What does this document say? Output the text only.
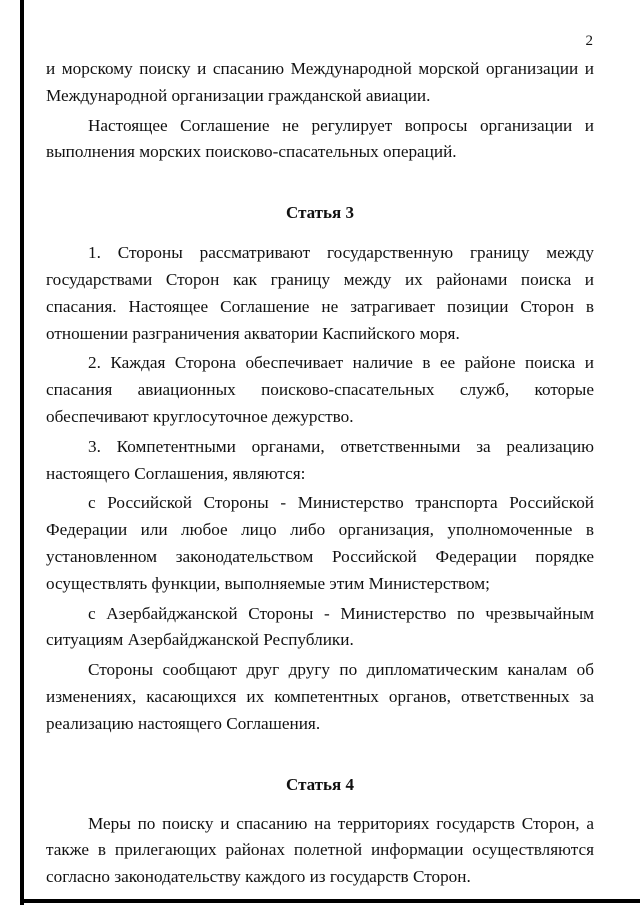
2

и морскому поиску и спасанию Международной морской организации и Международной организации гражданской авиации.

Настоящее Соглашение не регулирует вопросы организации и выполнения морских поисково-спасательных операций.

Статья 3

1. Стороны рассматривают государственную границу между государствами Сторон как границу между их районами поиска и спасания. Настоящее Соглашение не затрагивает позиции Сторон в отношении разграничения акватории Каспийского моря.

2. Каждая Сторона обеспечивает наличие в ее районе поиска и спасания авиационных поисково-спасательных служб, которые обеспечивают круглосуточное дежурство.

3. Компетентными органами, ответственными за реализацию настоящего Соглашения, являются:

с Российской Стороны - Министерство транспорта Российской Федерации или любое лицо либо организация, уполномоченные в установленном законодательством Российской Федерации порядке осуществлять функции, выполняемые этим Министерством;

с Азербайджанской Стороны - Министерство по чрезвычайным ситуациям Азербайджанской Республики.

Стороны сообщают друг другу по дипломатическим каналам об изменениях, касающихся их компетентных органов, ответственных за реализацию настоящего Соглашения.

Статья 4

Меры по поиску и спасанию на территориях государств Сторон, а также в прилегающих районах полетной информации осуществляются согласно законодательству каждого из государств Сторон.
